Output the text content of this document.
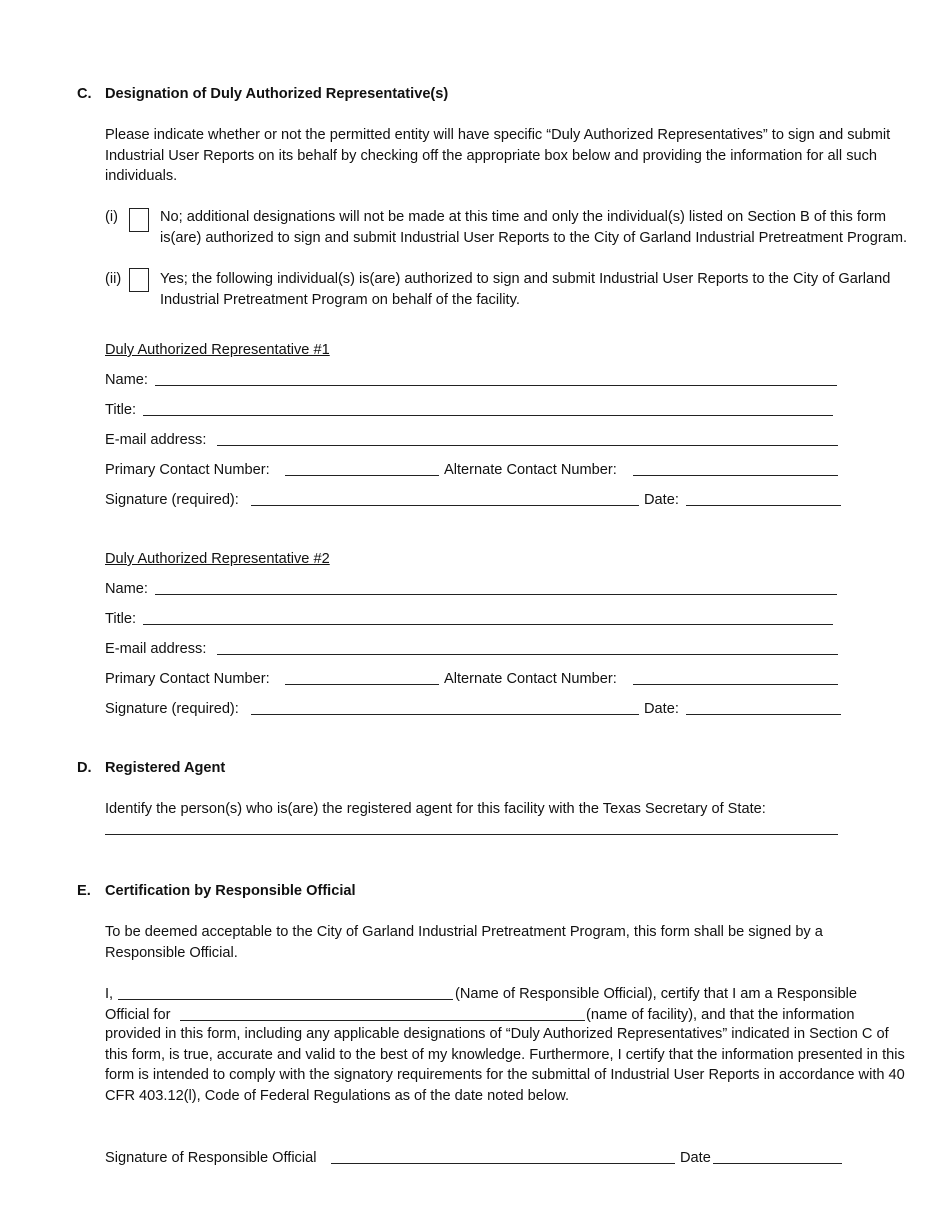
C. Designation of Duly Authorized Representative(s)
Please indicate whether or not the permitted entity will have specific “Duly Authorized Representatives” to sign and submit Industrial User Reports on its behalf by checking off the appropriate box below and providing the information for all such individuals.
(i)	No; additional designations will not be made at this time and only the individual(s) listed on Section B of this form is(are) authorized to sign and submit Industrial User Reports to the City of Garland Industrial Pretreatment Program.
(ii)	Yes; the following individual(s) is(are) authorized to sign and submit Industrial User Reports to the City of Garland Industrial Pretreatment Program on behalf of the facility.
Duly Authorized Representative #1
Name:
Title:
E-mail address:
Primary Contact Number:	Alternate Contact Number:
Signature (required):	Date:
Duly Authorized Representative #2
Name:
Title:
E-mail address:
Primary Contact Number:	Alternate Contact Number:
Signature (required):	Date:
D. Registered Agent
Identify the person(s) who is(are) the registered agent for this facility with the Texas Secretary of State:
E. Certification by Responsible Official
To be deemed acceptable to the City of Garland Industrial Pretreatment Program, this form shall be signed by a Responsible Official.
I,	(Name of Responsible Official), certify that I am a Responsible
Official for	(name of facility), and that the information
provided in this form, including any applicable designations of “Duly Authorized Representatives” indicated in Section C of this form, is true, accurate and valid to the best of my knowledge. Furthermore, I certify that the information presented in this form is intended to comply with the signatory requirements for the submittal of Industrial User Reports in accordance with 40 CFR 403.12(l), Code of Federal Regulations as of the date noted below.
Signature of Responsible Official	Date
